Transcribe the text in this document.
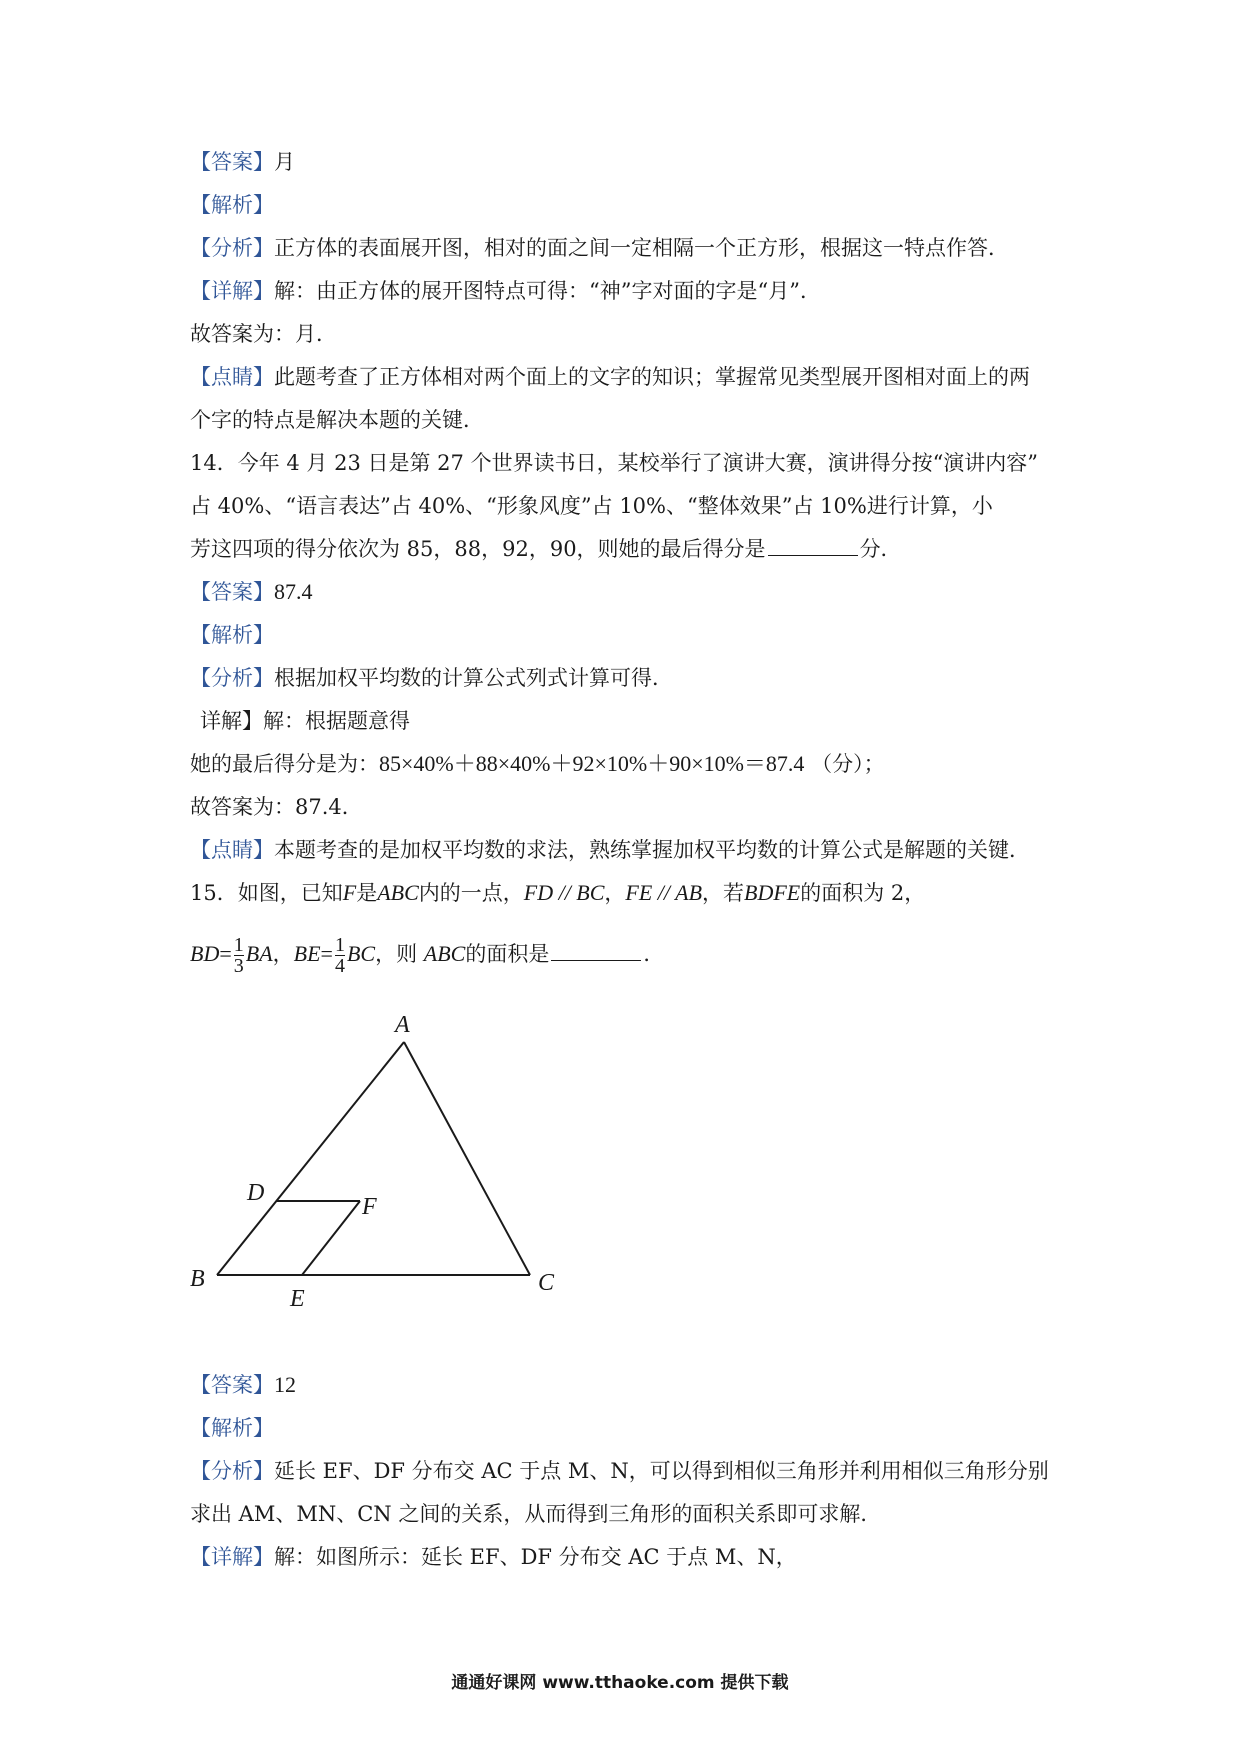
【答案】月
【解析】
【分析】正方体的表面展开图，相对的面之间一定相隔一个正方形，根据这一特点作答．
【详解】解：由正方体的展开图特点可得：“神”字对面的字是“月”．
故答案为：月．
【点睛】此题考查了正方体相对两个面上的文字的知识；掌握常见类型展开图相对面上的两
个字的特点是解决本题的关键．
14．今年 4 月 23 日是第 27 个世界读书日，某校举行了演讲大赛，演讲得分按“演讲内容”
占 40%、“语言表达”占 40%、“形象风度”占 10%、“整体效果”占 10%进行计算，小
芳这四项的得分依次为 85，88，92，90，则她的最后得分是	分．
【答案】87.4
【解析】
【分析】根据加权平均数的计算公式列式计算可得．
详解】解：根据题意得
她的最后得分是为：85×40%＋88×40%＋92×10%＋90×10%＝87.4 （分）；
故答案为：87.4．
【点睛】本题考查的是加权平均数的求法，熟练掌握加权平均数的计算公式是解题的关键．
15．如图，已知F是ABC内的一点，FD // BC，FE // AB，若BDFE的面积为 2，
$BD= \frac{1}{3}$ BA，$BE= \frac{1}{4}$ BC，则 ABC的面积是	．
A
B	C
D
E
F
【答案】12
【解析】
【分析】延长 EF、DF 分布交 AC 于点 M、N，可以得到相似三角形并利用相似三角形分别
求出 AM、MN、CN 之间的关系，从而得到三角形的面积关系即可求解．
【详解】解：如图所示：延长 EF、DF 分布交 AC 于点 M、N，
通通好课网 www.tthaoke.com 提供下载
